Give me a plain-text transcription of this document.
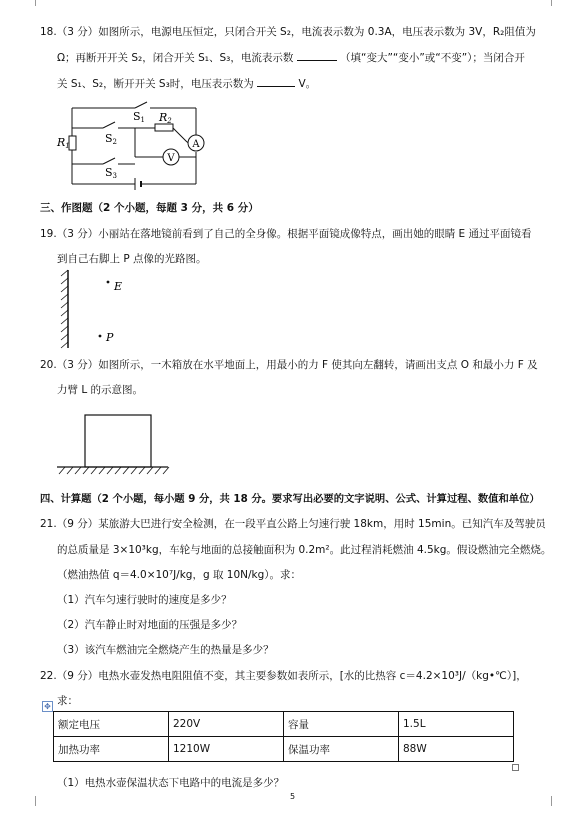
18.（3 分）如图所示，电源电压恒定，只闭合开关 S₂，电流表示数为 0.3A，电压表示数为 3V，R₂阻值为
Ω；再断开开关 S₂，闭合开关 S₁、S₃，电流表示数	（填“变大”“变小”或“不变”）；当闭合开
关 S₁、S₂，断开开关 S₃时，电压表示数为	V。
A
V
R1
R2
S1
S2
S3
三、作图题（2 个小题，每题 3 分，共 6 分）
19.（3 分）小丽站在落地镜前看到了自己的全身像。根据平面镜成像特点，画出她的眼睛 E 通过平面镜看
到自己右脚上 P 点像的光路图。
E
P
20.（3 分）如图所示，一木箱放在水平地面上，用最小的力 F 使其向左翻转，请画出支点 O 和最小力 F 及
力臂 L 的示意图。
四、计算题（2 个小题，每小题 9 分，共 18 分。要求写出必要的文字说明、公式、计算过程、数值和单位）
21.（9 分）某旅游大巴进行安全检测，在一段平直公路上匀速行驶 18km，用时 15min。已知汽车及驾驶员
的总质量是 3×10³kg，车轮与地面的总接触面积为 0.2m²。此过程消耗燃油 4.5kg。假设燃油完全燃烧。
（燃油热值 q＝4.0×10⁷J/kg，g 取 10N/kg）。求：
（1）汽车匀速行驶时的速度是多少？
（2）汽车静止时对地面的压强是多少？
（3）该汽车燃油完全燃烧产生的热量是多少？
22.（9 分）电热水壶发热电阻阻值不变，其主要参数如表所示，[水的比热容 c＝4.2×10³J/（kg•℃）]，
✥ 求：
额定电压	220V	容量	1.5L
加热功率	1210W	保温功率	88W
（1）电热水壶保温状态下电路中的电流是多少？
5
